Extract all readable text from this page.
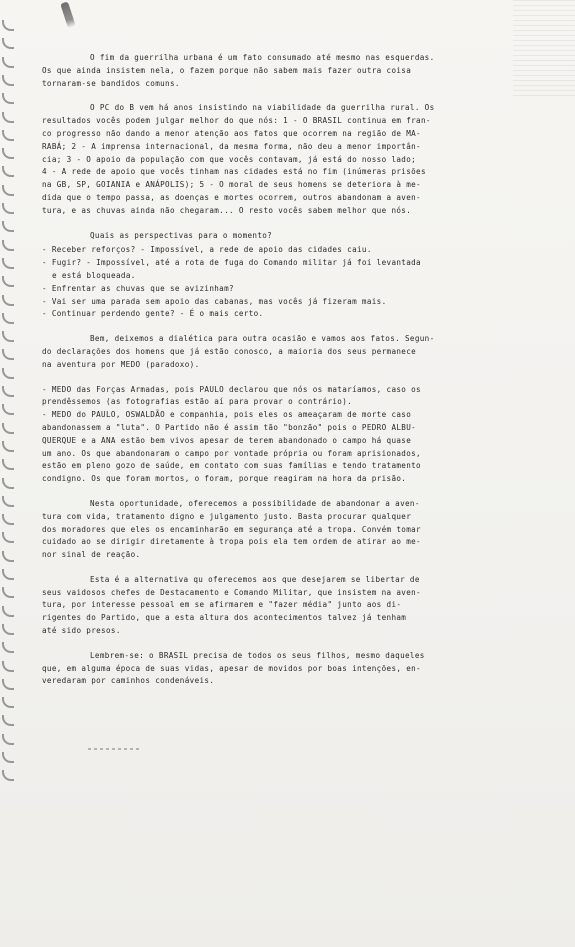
O fim da guerrilha urbana é um fato consumado até mesmo nas esquerdas.
Os que ainda insistem nela, o fazem porque não sabem mais fazer outra coisa
tornaram-se bandidos comuns.
O PC do B vem há anos insistindo na viabilidade da guerrilha rural. Os
resultados vocês podem julgar melhor do que nós: 1 - O BRASIL continua em fran-
co progresso não dando a menor atenção aos fatos que ocorrem na região de MA-
RABÁ; 2 - A imprensa internacional, da mesma forma, não deu a menor importân-
cia; 3 - O apoio da população com que vocês contavam, já está do nosso lado;
4 - A rede de apoio que vocês tinham nas cidades está no fim (inúmeras prisões
na GB, SP, GOIANIA e ANÁPOLIS); 5 - O moral de seus homens se deteriora à me-
dida que o tempo passa, as doenças e mortes ocorrem, outros abandonam a aven-
tura, e as chuvas ainda não chegaram... O resto vocês sabem melhor que nós.
Quais as perspectivas para o momento?
- Receber reforços? - Impossível, a rede de apoio das cidades caiu.
- Fugir? - Impossível, até a rota de fuga do Comando militar já foi levantada
e está bloqueada.
- Enfrentar as chuvas que se avizinham?
- Vai ser uma parada sem apoio das cabanas, mas vocês já fizeram mais.
- Continuar perdendo gente? - É o mais certo.
Bem, deixemos a dialética para outra ocasião e vamos aos fatos. Segun-
do declarações dos homens que já estão conosco, a maioria dos seus permanece
na aventura por MEDO (paradoxo).
- MEDO das Forças Armadas, pois PAULO declarou que nós os mataríamos, caso os
prendêssemos (as fotografias estão aí para provar o contrário).
- MEDO do PAULO, OSWALDÃO e companhia, pois eles os ameaçaram de morte caso
abandonassem a "luta". O Partido não é assim tão "bonzão" pois o PEDRO ALBU-
QUERQUE e a ANA estão bem vivos apesar de terem abandonado o campo há quase
um ano. Os que abandonaram o campo por vontade própria ou foram aprisionados,
estão em pleno gozo de saúde, em contato com suas famílias e tendo tratamento
condigno. Os que foram mortos, o foram, porque reagiram na hora da prisão.
Nesta oportunidade, oferecemos a possibilidade de abandonar a aven-
tura com vida, tratamento digno e julgamento justo. Basta procurar qualquer
dos moradores que eles os encaminharão em segurança até a tropa. Convém tomar
cuidado ao se dirigir diretamente à tropa pois ela tem ordem de atirar ao me-
nor sinal de reação.
Esta é a alternativa qu oferecemos aos que desejarem se libertar de
seus vaidosos chefes de Destacamento e Comando Militar, que insistem na aven-
tura, por interesse pessoal em se afirmarem e "fazer média" junto aos di-
rigentes do Partido, que a esta altura dos acontecimentos talvez já tenham
até sido presos.
Lembrem-se: o BRASIL precisa de todos os seus filhos, mesmo daqueles
que, em alguma época de suas vidas, apesar de movidos por boas intenções, en-
veredaram por caminhos condenáveis.
